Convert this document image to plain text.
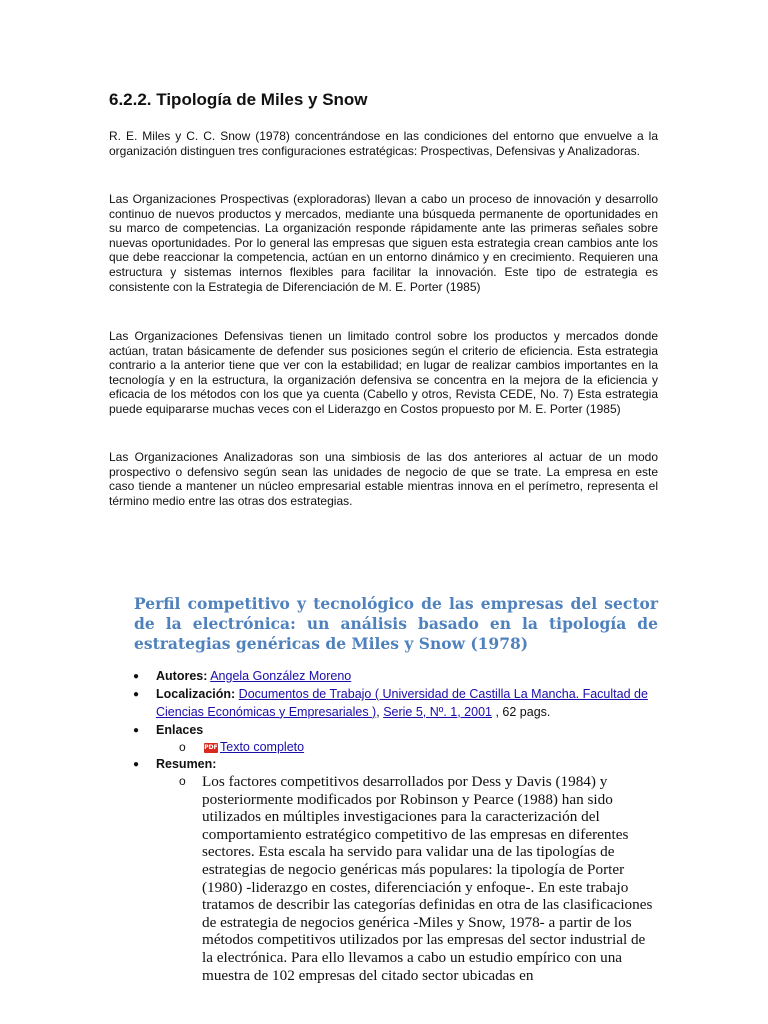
6.2.2. Tipología de Miles y Snow

R. E. Miles y C. C. Snow (1978) concentrándose en las condiciones del entorno que envuelve a la organización distinguen tres configuraciones estratégicas: Prospectivas, Defensivas y Analizadoras.

Las Organizaciones Prospectivas (exploradoras) llevan a cabo un proceso de innovación y desarrollo continuo de nuevos productos y mercados, mediante una búsqueda permanente de oportunidades en su marco de competencias. La organización responde rápidamente ante las primeras señales sobre nuevas oportunidades. Por lo general las empresas que siguen esta estrategia crean cambios ante los que debe reaccionar la competencia, actúan en un entorno dinámico y en crecimiento. Requieren una estructura y sistemas internos flexibles para facilitar la innovación. Este tipo de estrategia es consistente con la Estrategia de Diferenciación de M. E. Porter (1985)

Las Organizaciones Defensivas tienen un limitado control sobre los productos y mercados donde actúan, tratan básicamente de defender sus posiciones según el criterio de eficiencia. Esta estrategia contrario a la anterior tiene que ver con la estabilidad; en lugar de realizar cambios importantes en la tecnología y en la estructura, la organización defensiva se concentra en la mejora de la eficiencia y eficacia de los métodos con los que ya cuenta (Cabello y otros, Revista CEDE, No. 7) Esta estrategia puede equipararse muchas veces con el Liderazgo en Costos propuesto por M. E. Porter (1985)

Las Organizaciones Analizadoras son una simbiosis de las dos anteriores al actuar de un modo prospectivo o defensivo según sean las unidades de negocio de que se trate. La empresa en este caso tiende a mantener un núcleo empresarial estable mientras innova en el perímetro, representa el término medio entre las otras dos estrategias.

Perfil competitivo y tecnológico de las empresas del sector de la electrónica: un análisis basado en la tipología de estrategias genéricas de Miles y Snow (1978)
● Autores: Angela González Moreno
● Localización: Documentos de Trabajo ( Universidad de Castilla La Mancha. Facultad de Ciencias Económicas y Empresariales ), Serie 5, Nº. 1, 2001 , 62 pags.
● Enlaces
o	PDF Texto completo
● Resumen:
o Los factores competitivos desarrollados por Dess y Davis (1984) y posteriormente modificados por Robinson y Pearce (1988) han sido utilizados en múltiples investigaciones para la caracterización del comportamiento estratégico competitivo de las empresas en diferentes sectores. Esta escala ha servido para validar una de las tipologías de estrategias de negocio genéricas más populares: la tipología de Porter (1980) -liderazgo en costes, diferenciación y enfoque-. En este trabajo tratamos de describir las categorías definidas en otra de las clasificaciones de estrategia de negocios genérica -Miles y Snow, 1978- a partir de los métodos competitivos utilizados por las empresas del sector industrial de la electrónica. Para ello llevamos a cabo un estudio empírico con una muestra de 102 empresas del citado sector ubicadas en
